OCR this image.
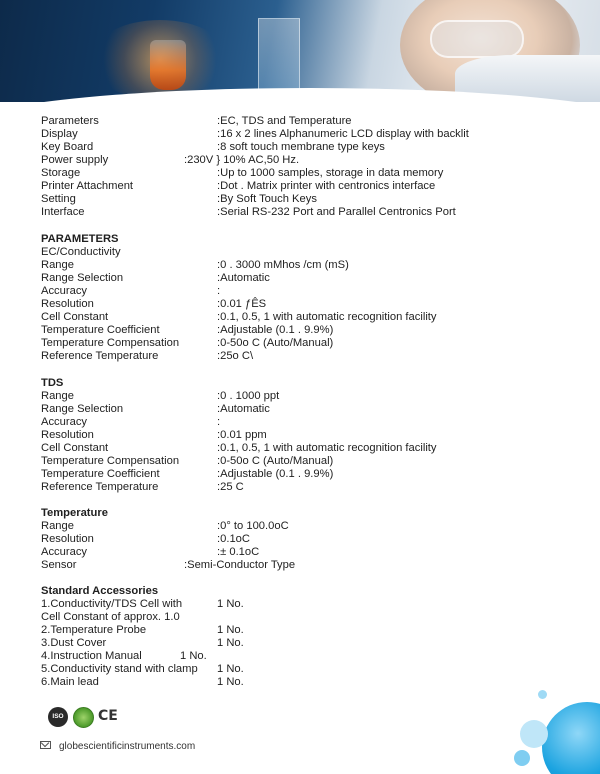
Parameters	:EC, TDS and Temperature
Display	:16 x 2 lines Alphanumeric LCD display with backlit
Key Board	:8 soft touch membrane type keys
Power supply	:230V } 10% AC,50 Hz.
Storage	:Up to 1000 samples, storage in data memory
Printer Attachment	:Dot . Matrix printer with centronics interface
Setting	:By Soft Touch Keys
Interface	:Serial RS-232 Port and Parallel Centronics Port
PARAMETERS
EC/Conductivity
Range	:0 . 3000 mMhos /cm (mS)
Range Selection	:Automatic
Accuracy	:
Resolution	:0.01 ƒÊS
Cell Constant	:0.1, 0.5, 1 with automatic recognition facility
Temperature Coefficient	:Adjustable (0.1 . 9.9%)
Temperature Compensation	:0-50o C (Auto/Manual)
Reference Temperature	:25o C\
TDS
Range	:0 . 1000 ppt
Range Selection	:Automatic
Accuracy	:
Resolution	:0.01 ppm
Cell Constant	:0.1, 0.5, 1 with automatic recognition facility
Temperature Compensation	:0-50o C (Auto/Manual)
Temperature Coefficient	:Adjustable (0.1 . 9.9%)
Reference Temperature	:25 C
Temperature
Range	:0° to 100.0oC
Resolution	:0.1oC
Accuracy	:± 0.1oC
Sensor	:Semi-Conductor Type
Standard Accessories
1.Conductivity/TDS Cell with	1 No.
Cell Constant of approx. 1.0
2.Temperature Probe	1 No.
3.Dust Cover	1 No.
4.Instruction Manual	1 No.
5.Conductivity stand with clamp 1 No.
6.Main lead	1 No.
ISO	CE
globescientificinstruments.com
